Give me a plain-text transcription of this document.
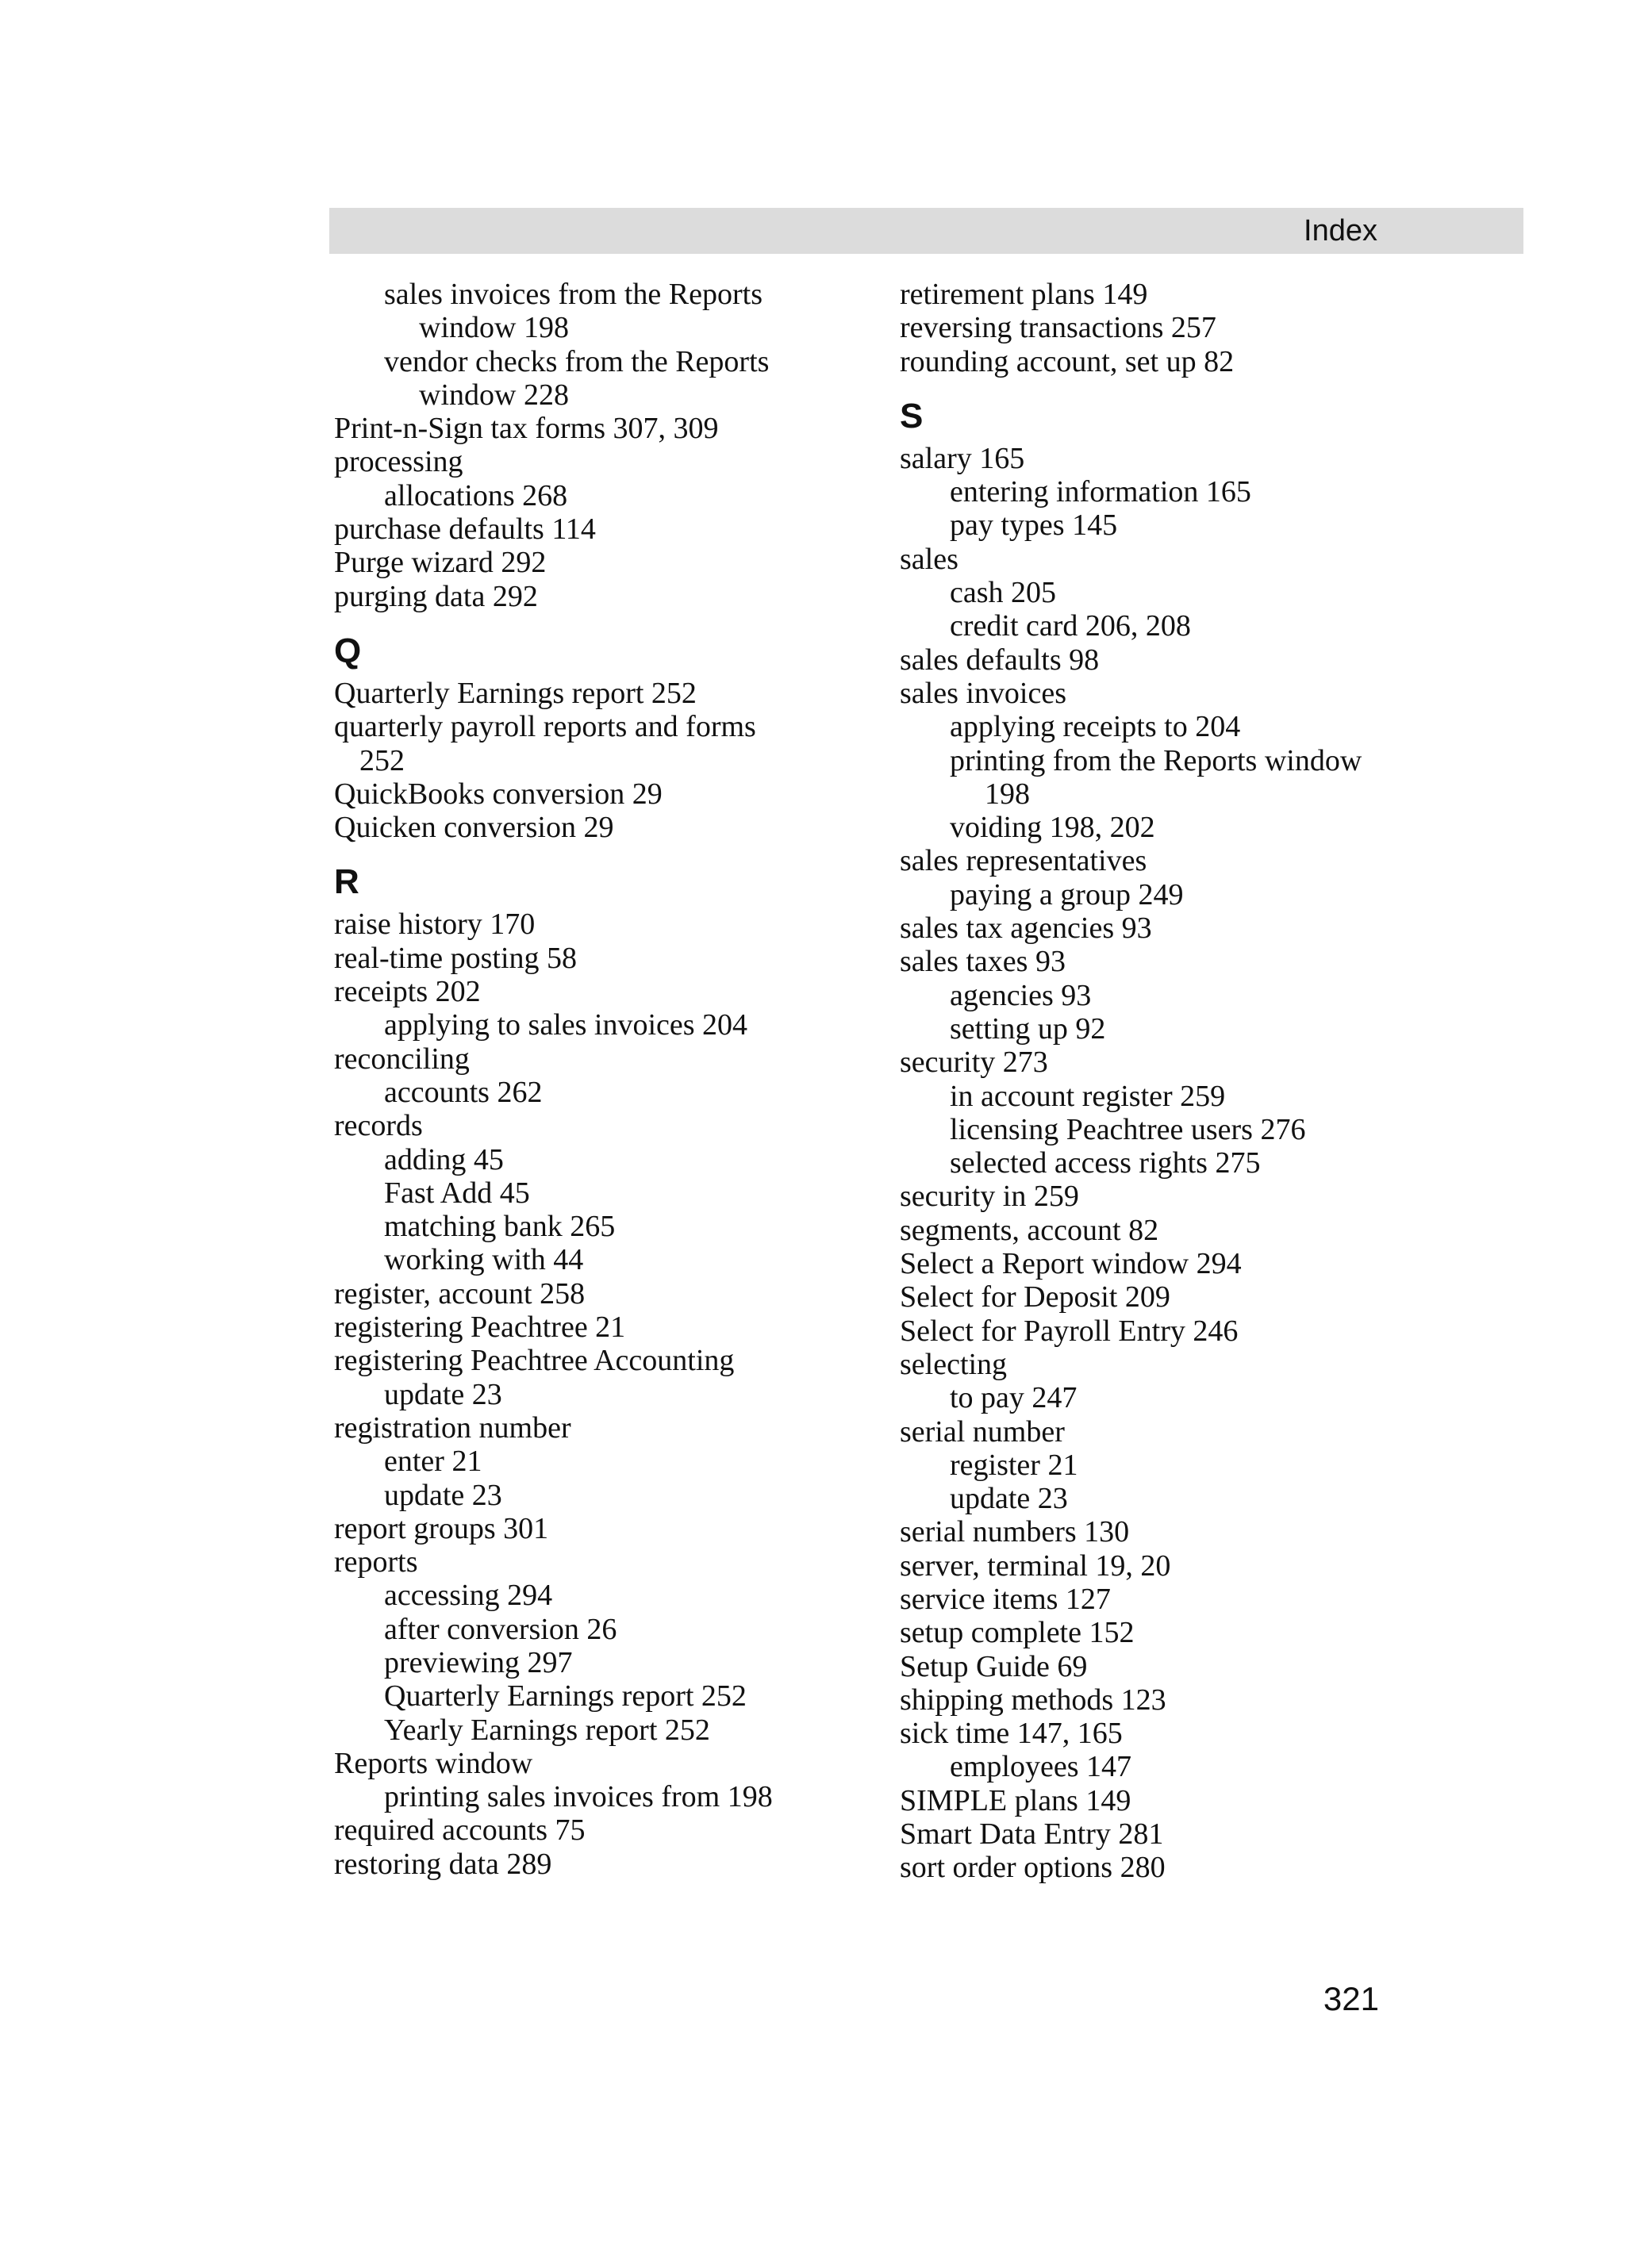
Index
sales invoices from the Reports
window 198
vendor checks from the Reports
window 228
Print-n-Sign tax forms 307, 309
processing
allocations 268
purchase defaults 114
Purge wizard 292
purging data 292
Q
Quarterly Earnings report 252
quarterly payroll reports and forms
252
QuickBooks conversion 29
Quicken conversion 29
R
raise history 170
real-time posting 58
receipts 202
applying to sales invoices 204
reconciling
accounts 262
records
adding 45
Fast Add 45
matching bank 265
working with 44
register, account 258
registering Peachtree 21
registering Peachtree Accounting
update 23
registration number
enter 21
update 23
report groups 301
reports
accessing 294
after conversion 26
previewing 297
Quarterly Earnings report 252
Yearly Earnings report 252
Reports window
printing sales invoices from 198
required accounts 75
restoring data 289
retirement plans 149
reversing transactions 257
rounding account, set up 82
S
salary 165
entering information 165
pay types 145
sales
cash 205
credit card 206, 208
sales defaults 98
sales invoices
applying receipts to 204
printing from the Reports window
198
voiding 198, 202
sales representatives
paying a group 249
sales tax agencies 93
sales taxes 93
agencies 93
setting up 92
security 273
in account register 259
licensing Peachtree users 276
selected access rights 275
security in 259
segments, account 82
Select a Report window 294
Select for Deposit 209
Select for Payroll Entry 246
selecting
to pay 247
serial number
register 21
update 23
serial numbers 130
server, terminal 19, 20
service items 127
setup complete 152
Setup Guide 69
shipping methods 123
sick time 147, 165
employees 147
SIMPLE plans 149
Smart Data Entry 281
sort order options 280
321
